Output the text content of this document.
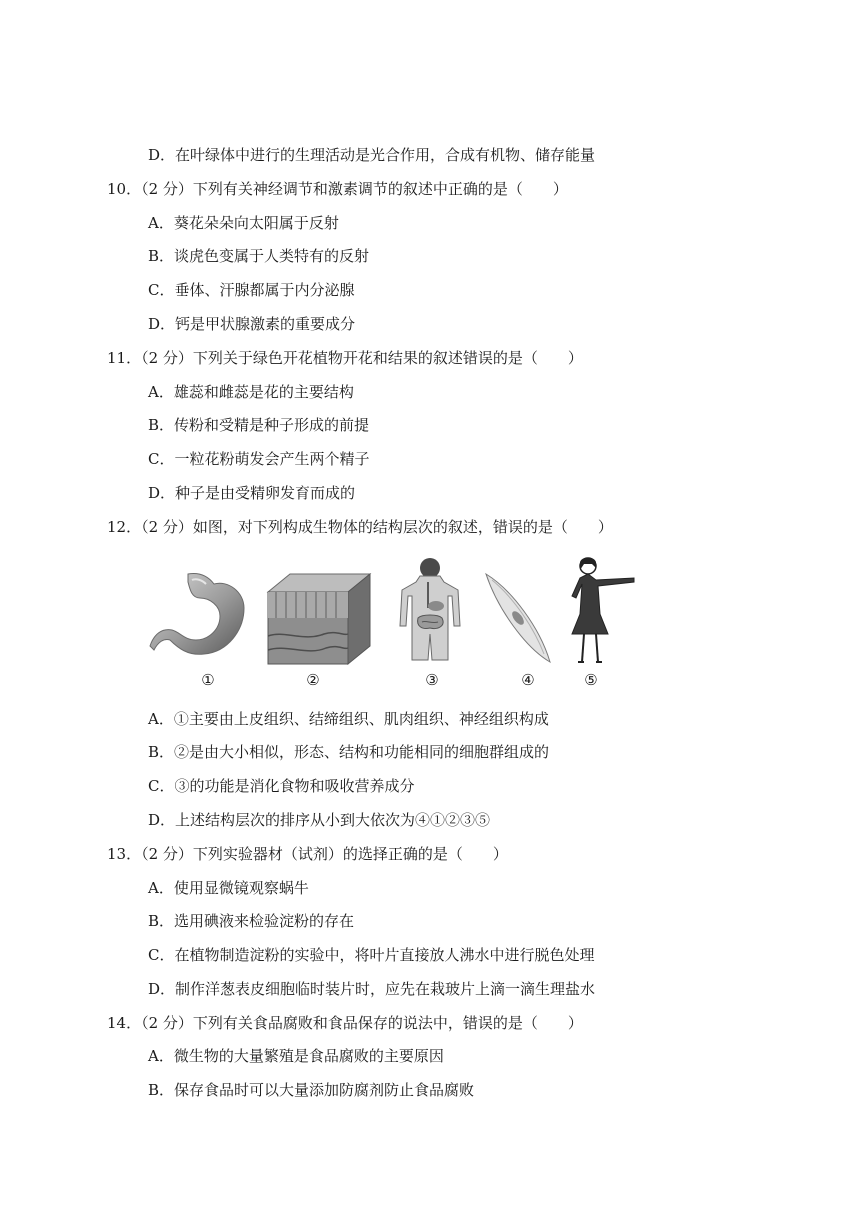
D．在叶绿体中进行的生理活动是光合作用，合成有机物、储存能量
10．（2 分）下列有关神经调节和激素调节的叙述中正确的是（　　）
A．葵花朵朵向太阳属于反射
B．谈虎色变属于人类特有的反射
C．垂体、汗腺都属于内分泌腺
D．钙是甲状腺激素的重要成分
11．（2 分）下列关于绿色开花植物开花和结果的叙述错误的是（　　）
A．雄蕊和雌蕊是花的主要结构
B．传粉和受精是种子形成的前提
C．一粒花粉萌发会产生两个精子
D．种子是由受精卵发育而成的
12．（2 分）如图，对下列构成生物体的结构层次的叙述，错误的是（　　）
①	②	③	④	⑤
A．①主要由上皮组织、结缔组织、肌肉组织、神经组织构成
B．②是由大小相似，形态、结构和功能相同的细胞群组成的
C．③的功能是消化食物和吸收营养成分
D．上述结构层次的排序从小到大依次为④①②③⑤
13．（2 分）下列实验器材（试剂）的选择正确的是（　　）
A．使用显微镜观察蜗牛
B．选用碘液来检验淀粉的存在
C．在植物制造淀粉的实验中，将叶片直接放人沸水中进行脱色处理
D．制作洋葱表皮细胞临时装片时，应先在栽玻片上滴一滴生理盐水
14．（2 分）下列有关食品腐败和食品保存的说法中，错误的是（　　）
A．微生物的大量繁殖是食品腐败的主要原因
B．保存食品时可以大量添加防腐剂防止食品腐败
